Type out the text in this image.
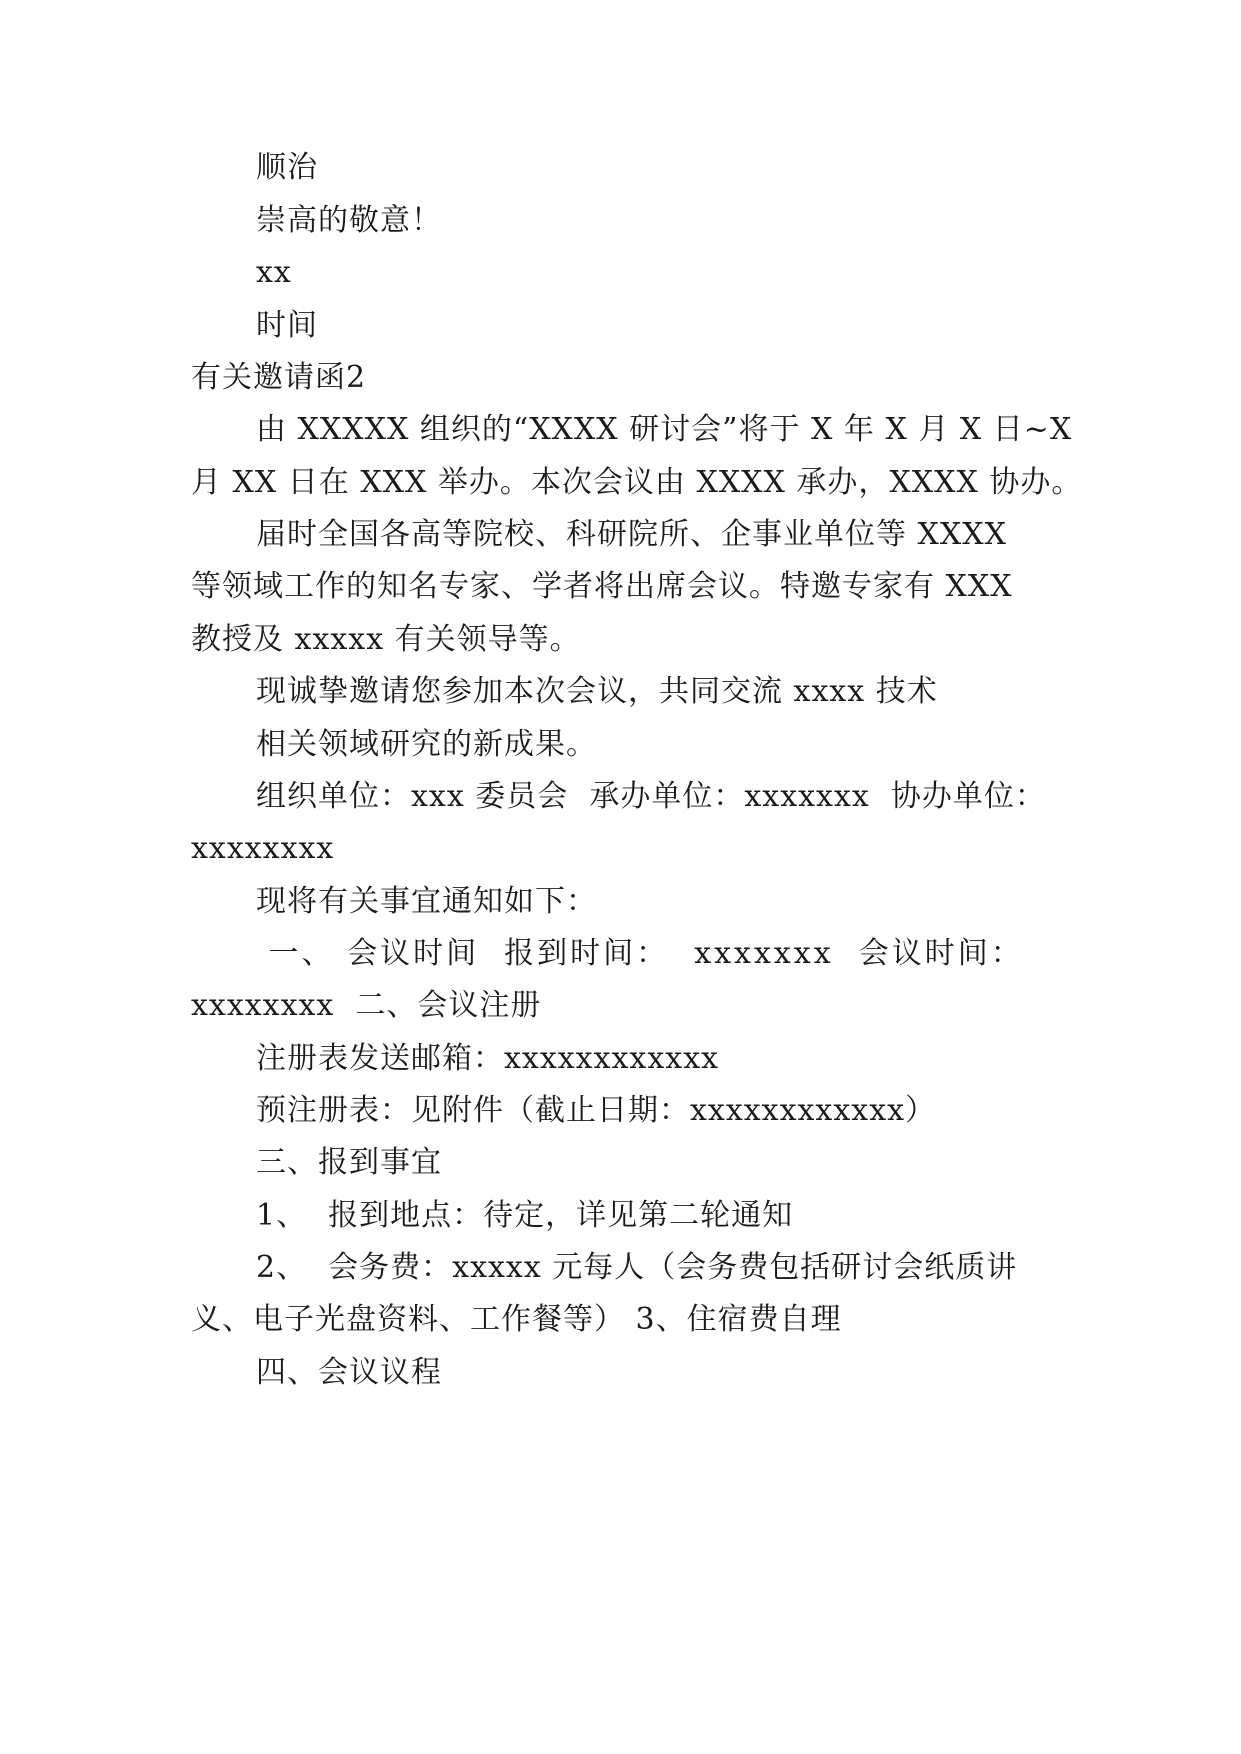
顺治
崇高的敬意！
xx
时间
有关邀请函2
由 XXXXX 组织的“XXXX 研讨会”将于 X 年 X 月 X 日~X
月 XX 日在 XXX 举办。本次会议由 XXXX 承办，XXXX 协办。
届时全国各高等院校、科研院所、企事业单位等 XXXX
等领域工作的知名专家、学者将出席会议。特邀专家有 XXX
教授及 xxxxx 有关领导等。
现诚挚邀请您参加本次会议，共同交流 xxxx 技术
相关领域研究的新成果。
组织单位：xxx 委员会  承办单位：xxxxxxx  协办单位：
xxxxxxxx
现将有关事宜通知如下：
一、 会议时间  报到时间：  xxxxxxx  会议时间：
xxxxxxxx  二、会议注册
注册表发送邮箱：xxxxxxxxxxxx
预注册表：见附件（截止日期：xxxxxxxxxxxx）
三、报到事宜
1、  报到地点：待定，详见第二轮通知
2、  会务费：xxxxx 元每人（会务费包括研讨会纸质讲
义、电子光盘资料、工作餐等） 3、住宿费自理
四、会议议程
